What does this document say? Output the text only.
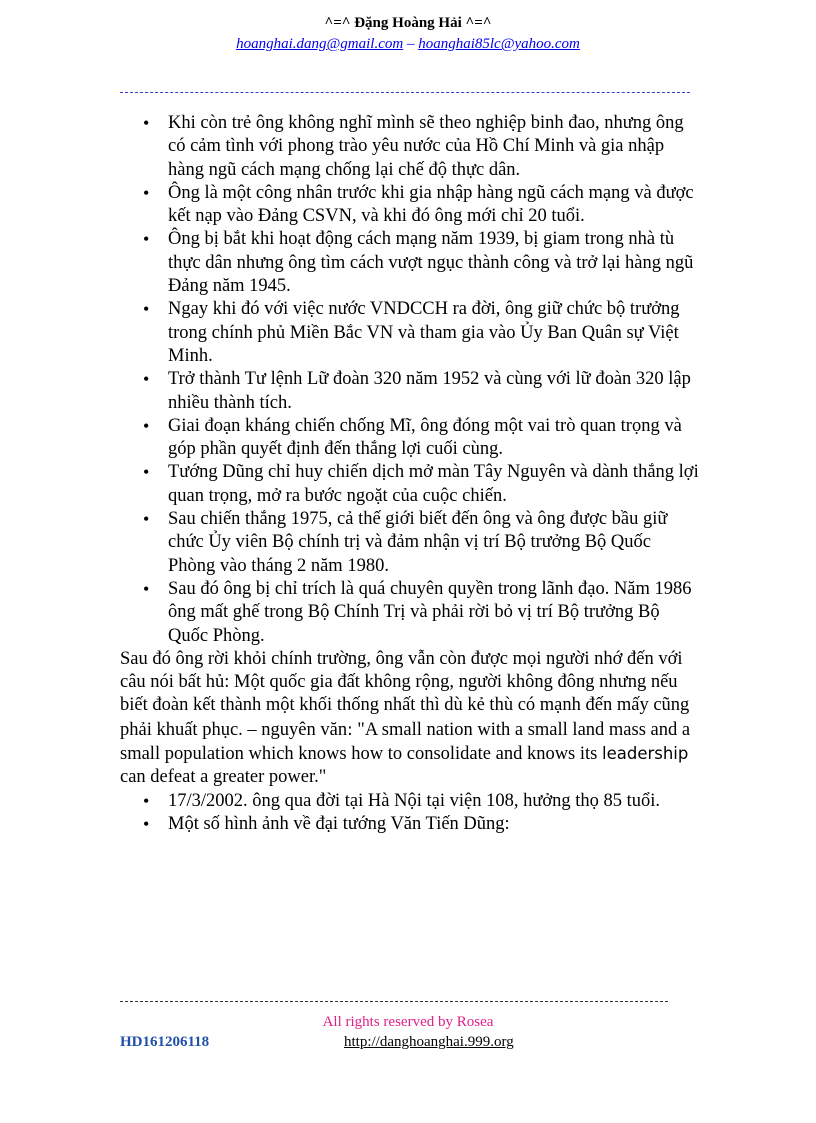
^=^ Đặng Hoàng Hải ^=^
hoanghai.dang@gmail.com – hoanghai85lc@yahoo.com
• Khi còn trẻ ông không nghĩ mình sẽ theo nghiệp binh đao, nhưng ông có cảm tình với phong trào yêu nước của Hồ Chí Minh và gia nhập hàng ngũ cách mạng chống lại chế độ thực dân.
• Ông là một công nhân trước khi gia nhập hàng ngũ cách mạng và được kết nạp vào Đảng CSVN, và khi đó ông mới chỉ 20 tuổi.
• Ông bị bắt khi hoạt động cách mạng năm 1939, bị giam trong nhà tù thực dân nhưng ông tìm cách vượt ngục thành công và trở lại hàng ngũ Đảng năm 1945.
• Ngay khi đó với việc nước VNDCCH ra đời, ông giữ chức bộ trưởng trong chính phủ Miền Bắc VN và tham gia vào Ủy Ban Quân sự Việt Minh.
• Trở thành Tư lệnh Lữ đoàn 320 năm 1952 và cùng với lữ đoàn 320 lập nhiều thành tích.
• Giai đoạn kháng chiến chống Mĩ, ông đóng một vai trò quan trọng và góp phần quyết định đến thắng lợi cuối cùng.
• Tướng Dũng chỉ huy chiến dịch mở màn Tây Nguyên và dành thắng lợi quan trọng, mở ra bước ngoặt của cuộc chiến.
• Sau chiến thắng 1975, cả thế giới biết đến ông và ông được bầu giữ chức Ủy viên Bộ chính trị và đảm nhận vị trí Bộ trưởng Bộ Quốc Phòng vào tháng 2 năm 1980.
• Sau đó ông bị chỉ trích là quá chuyên quyền trong lãnh đạo. Năm 1986 ông mất ghế trong Bộ Chính Trị và phải rời bỏ vị trí Bộ trưởng Bộ Quốc Phòng.

Sau đó ông rời khỏi chính trường, ông vẫn còn được mọi người nhớ đến với câu nói bất hủ: Một quốc gia đất không rộng, người không đông nhưng nếu biết đoàn kết thành một khối thống nhất thì dù kẻ thù có mạnh đến mấy cũng phải khuất phục. – nguyên văn: "A small nation with a small land mass and a small population which knows how to consolidate and knows its leadership can defeat a greater power."

• 17/3/2002. ông qua đời tại Hà Nội tại viện 108, hưởng thọ 85 tuổi.
• Một số hình ảnh về đại tướng Văn Tiến Dũng:
All rights reserved by Rosea
HD161206118	http://danghoanghai.999.org
